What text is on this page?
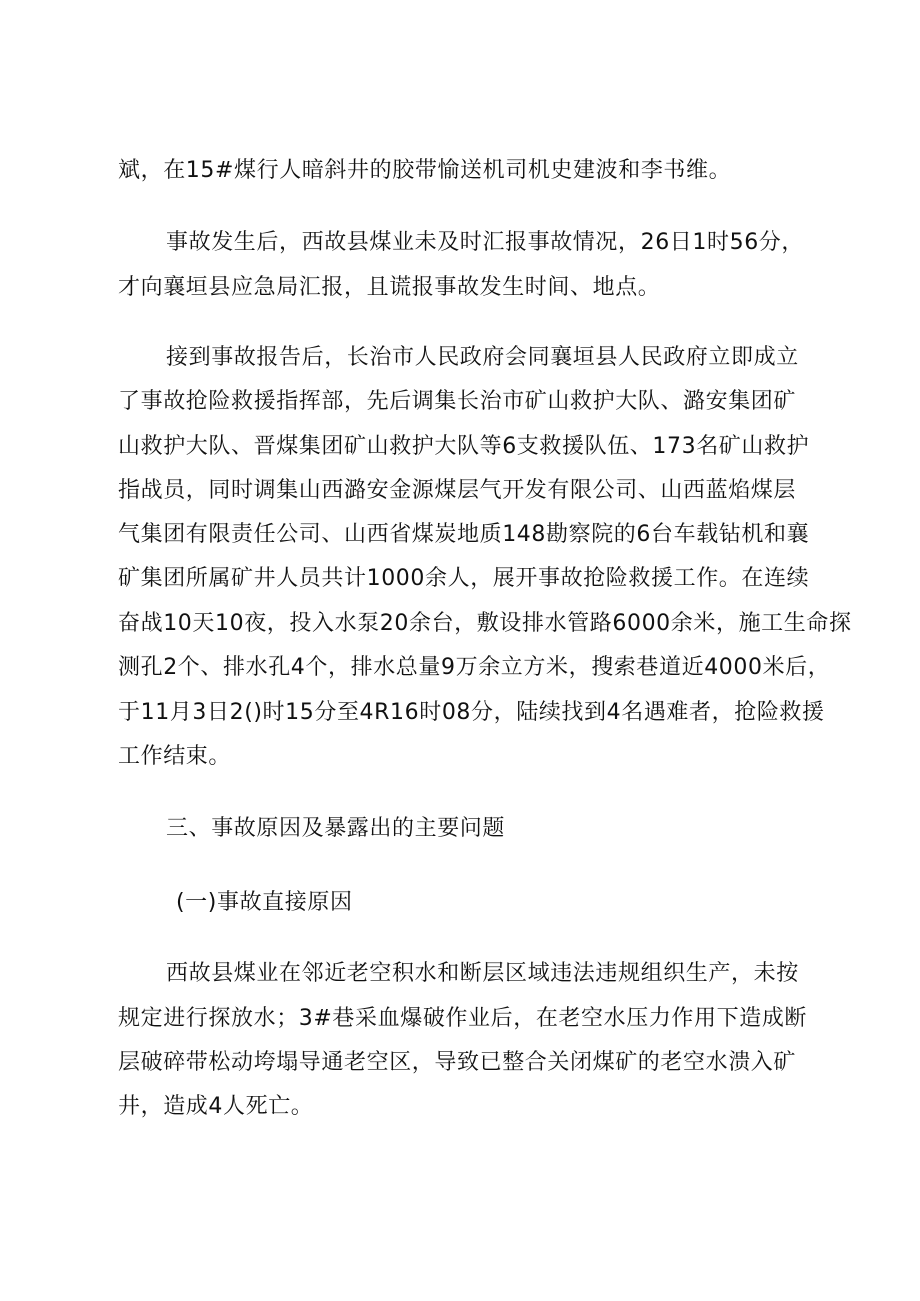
斌，在15#煤行人暗斜井的胶带愉送机司机史建波和李书维。
事故发生后，西故县煤业未及时汇报事故情况，26日1时56分，
才向襄垣县应急局汇报，且谎报事故发生时间、地点。
接到事故报告后，长治市人民政府会同襄垣县人民政府立即成立
了事故抢险救援指挥部，先后调集长治市矿山救护大队、潞安集团矿
山救护大队、晋煤集团矿山救护大队等6支救援队伍、173名矿山救护
指战员，同时调集山西潞安金源煤层气开发有限公司、山西蓝焰煤层
气集团有限责任公司、山西省煤炭地质148勘察院的6台车载钻机和襄
矿集团所属矿井人员共计1000余人，展开事故抢险救援工作。在连续
奋战10天10夜，投入水泵20余台，敷设排水管路6000余米，施工生命探
测孔2个、排水孔4个，排水总量9万余立方米，搜索巷道近4000米后，
于11月3日2()时15分至4R16时08分，陆续找到4名遇难者，抢险救援
工作结束。
三、事故原因及暴露出的主要问题
(一)事故直接原因
西故县煤业在邻近老空积水和断层区域违法违规组织生产，未按
规定进行探放水；3#巷采血爆破作业后，在老空水压力作用下造成断
层破碎带松动垮塌导通老空区，导致已整合关闭煤矿的老空水溃入矿
井，造成4人死亡。
